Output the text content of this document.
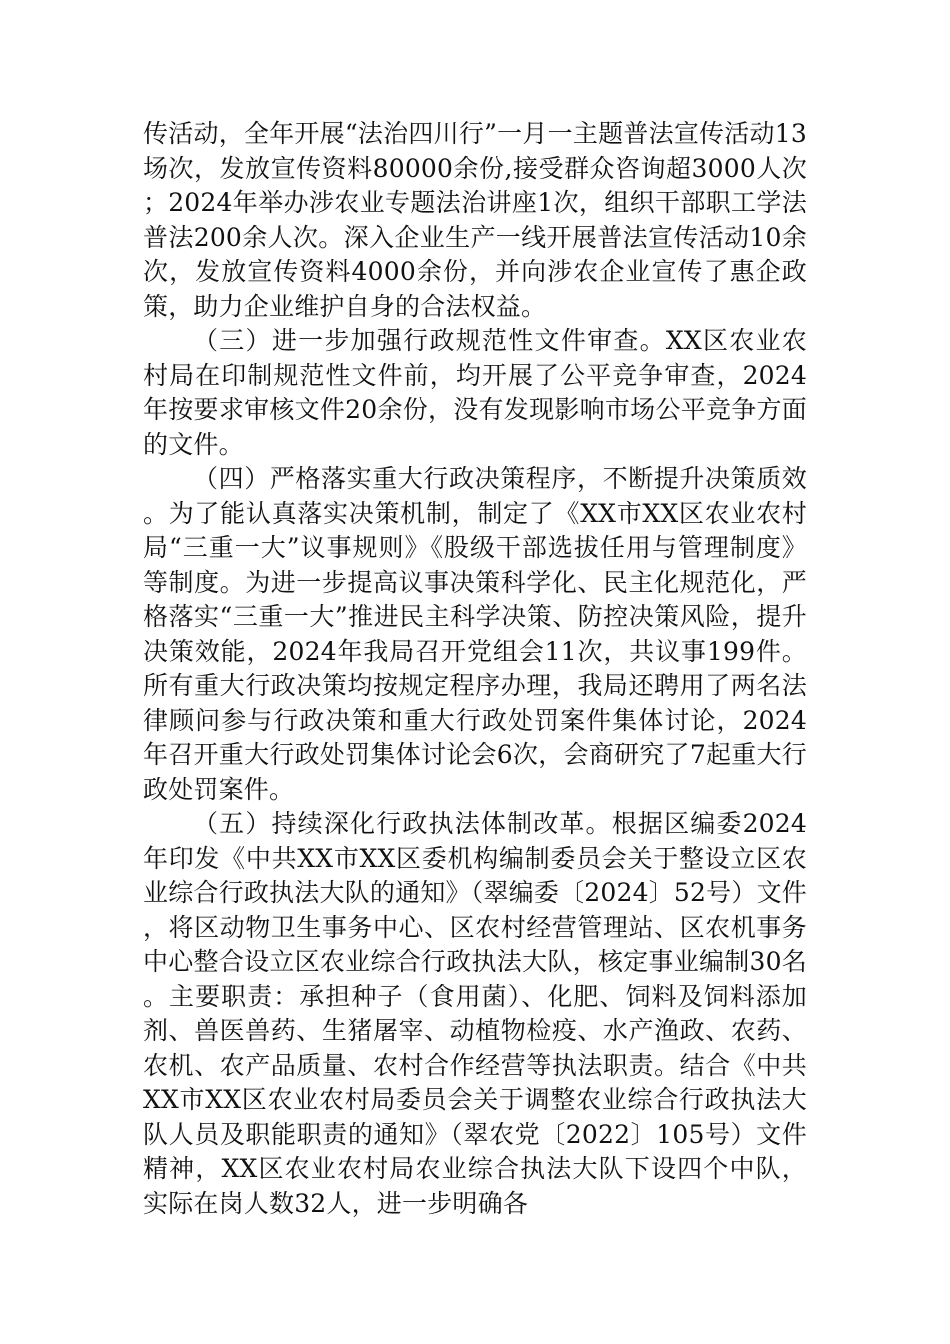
传活动，全年开展“法治四川行”一月一主题普法宣传活动13场次，发放宣传资料80000余份,接受群众咨询超3000人次；2024年举办涉农业专题法治讲座1次，组织干部职工学法普法200余人次。深入企业生产一线开展普法宣传活动10余次，发放宣传资料4000余份，并向涉农企业宣传了惠企政策，助力企业维护自身的合法权益。

（三）进一步加强行政规范性文件审查。XX区农业农村局在印制规范性文件前，均开展了公平竞争审查，2024年按要求审核文件20余份，没有发现影响市场公平竞争方面的文件。

（四）严格落实重大行政决策程序，不断提升决策质效。为了能认真落实决策机制，制定了《XX市XX区农业农村局“三重一大”议事规则》《股级干部选拔任用与管理制度》等制度。为进一步提高议事决策科学化、民主化规范化，严格落实“三重一大”推进民主科学决策、防控决策风险，提升决策效能，2024年我局召开党组会11次，共议事199件。所有重大行政决策均按规定程序办理，我局还聘用了两名法律顾问参与行政决策和重大行政处罚案件集体讨论，2024年召开重大行政处罚集体讨论会6次，会商研究了7起重大行政处罚案件。

（五）持续深化行政执法体制改革。根据区编委2024年印发《中共XX市XX区委机构编制委员会关于整设立区农业综合行政执法大队的通知》（翠编委〔2024〕52号）文件，将区动物卫生事务中心、区农村经营管理站、区农机事务中心整合设立区农业综合行政执法大队，核定事业编制30名。主要职责：承担种子（食用菌）、化肥、饲料及饲料添加剂、兽医兽药、生猪屠宰、动植物检疫、水产渔政、农药、农机、农产品质量、农村合作经营等执法职责。结合《中共XX市XX区农业农村局委员会关于调整农业综合行政执法大队人员及职能职责的通知》（翠农党〔2022〕105号）文件精神，XX区农业农村局农业综合执法大队下设四个中队，实际在岗人数32人，进一步明确各
